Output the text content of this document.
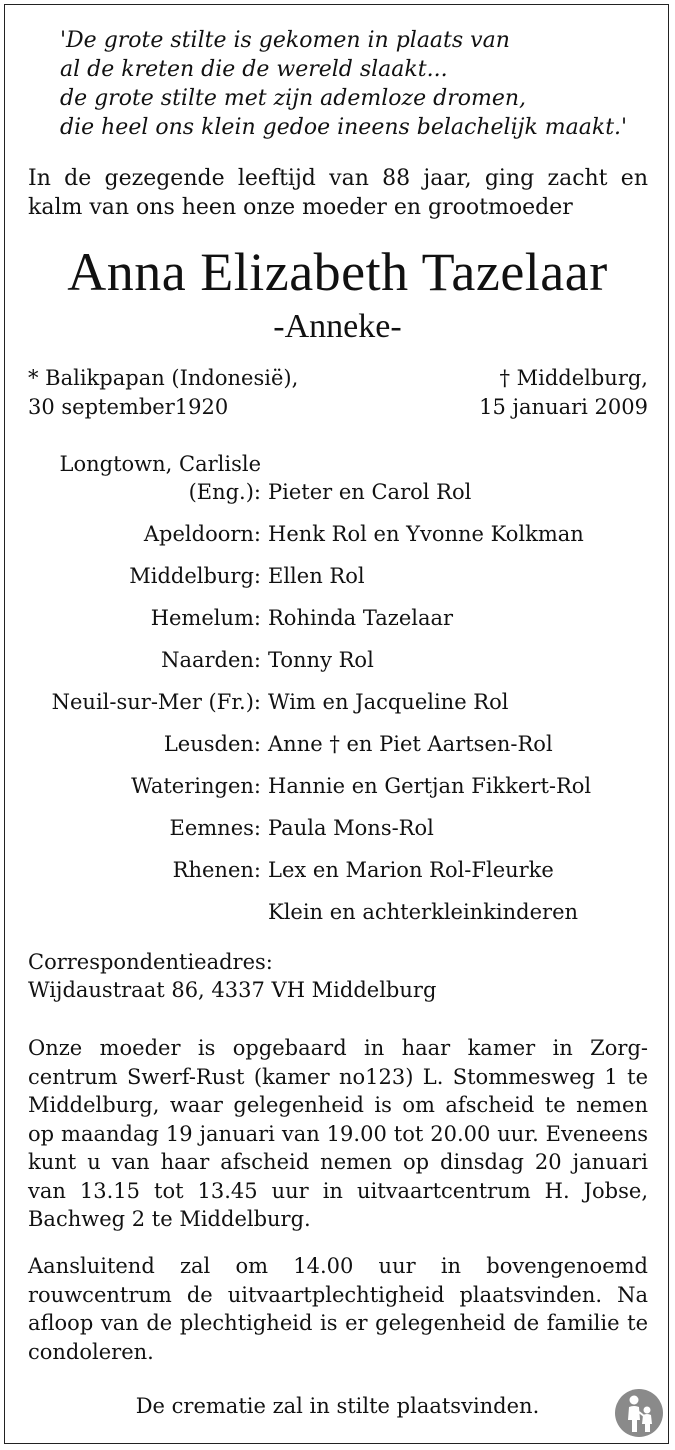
'De grote stilte is gekomen in plaats van
al de kreten die de wereld slaakt...
de grote stilte met zijn ademloze dromen,
die heel ons klein gedoe ineens belachelijk maakt.'
In de gezegende leeftijd van 88 jaar, ging zacht en kalm van ons heen onze moeder en grootmoeder
Anna Elizabeth Tazelaar
-Anneke-
* Balikpapan (Indonesië),	† Middelburg,
30 september1920	15 januari 2009
Longtown, Carlisle
(Eng.): Pieter en Carol Rol
Apeldoorn: Henk Rol en Yvonne Kolkman
Middelburg: Ellen Rol
Hemelum: Rohinda Tazelaar
Naarden: Tonny Rol
Neuil-sur-Mer (Fr.): Wim en Jacqueline Rol
Leusden: Anne † en Piet Aartsen-Rol
Wateringen: Hannie en Gertjan Fikkert-Rol
Eemnes: Paula Mons-Rol
Rhenen: Lex en Marion Rol-Fleurke
Klein en achterkleinkinderen
Correspondentieadres:
Wijdaustraat 86, 4337 VH Middelburg
Onze moeder is opgebaard in haar kamer in Zorg-centrum Swerf-Rust (kamer no123) L. Stommesweg 1 te Middelburg, waar gelegenheid is om afscheid te nemen op maandag 19 januari van 19.00 tot 20.00 uur. Eveneens kunt u van haar afscheid nemen op dinsdag 20 januari van 13.15 tot 13.45 uur in uitvaartcentrum H. Jobse, Bachweg 2 te Middelburg.
Aansluitend zal om 14.00 uur in bovengenoemd rouwcentrum de uitvaartplechtigheid plaatsvinden. Na afloop van de plechtigheid is er gelegenheid de familie te condoleren.
De crematie zal in stilte plaatsvinden.
